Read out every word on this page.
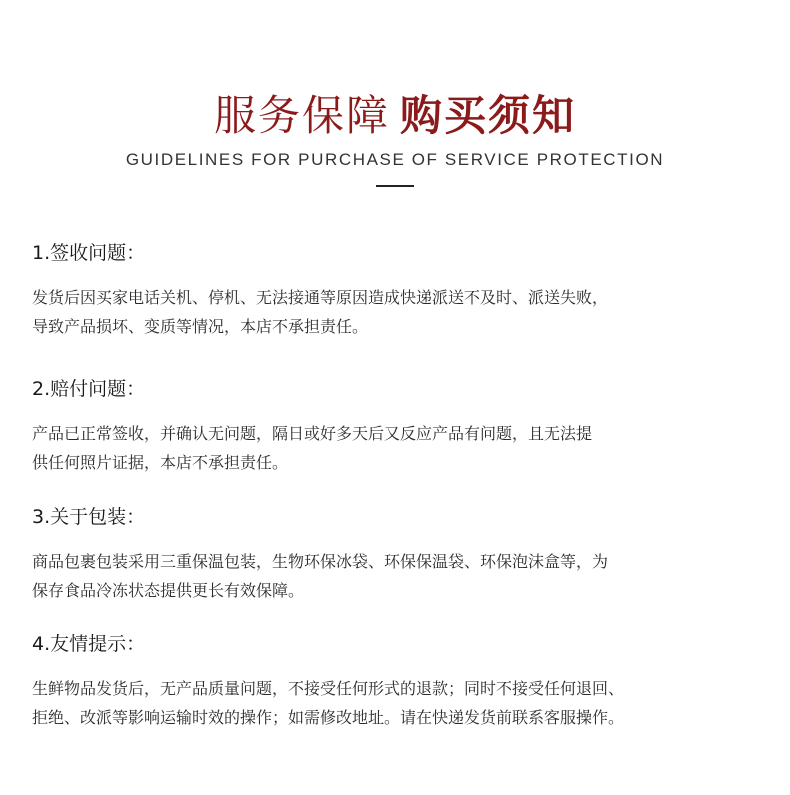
服务保障 购买须知
GUIDELINES FOR PURCHASE OF SERVICE PROTECTION
1.签收问题：

发货后因买家电话关机、停机、无法接通等原因造成快递派送不及时、派送失败，
导致产品损坏、变质等情况，本店不承担责任。

2.赔付问题：

产品已正常签收，并确认无问题，隔日或好多天后又反应产品有问题，且无法提
供任何照片证据，本店不承担责任。

3.关于包装：

商品包裹包装采用三重保温包装，生物环保冰袋、环保保温袋、环保泡沫盒等，为
保存食品冷冻状态提供更长有效保障。

4.友情提示：

生鲜物品发货后，无产品质量问题，不接受任何形式的退款；同时不接受任何退回、
拒绝、改派等影响运输时效的操作；如需修改地址。请在快递发货前联系客服操作。
